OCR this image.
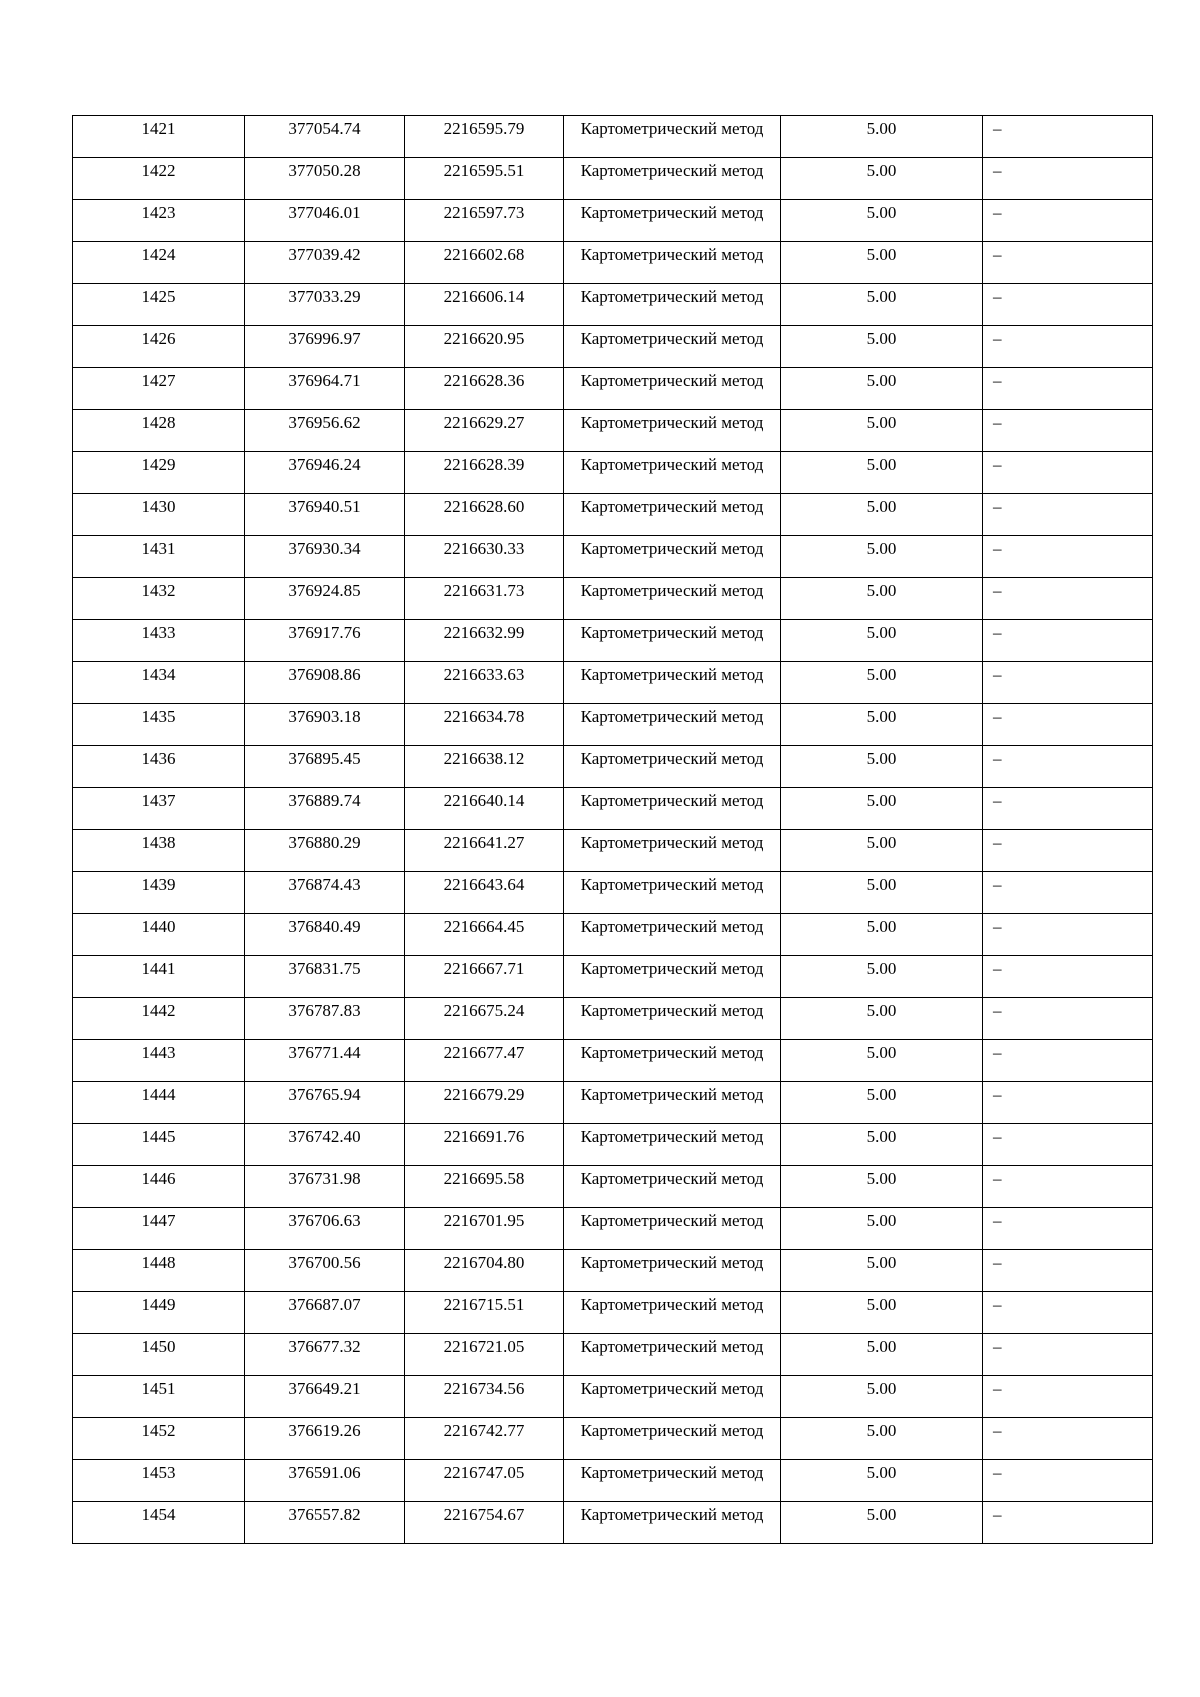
1421	377054.74	2216595.79	Картометрический метод	5.00	–
1422	377050.28	2216595.51	Картометрический метод	5.00	–
1423	377046.01	2216597.73	Картометрический метод	5.00	–
1424	377039.42	2216602.68	Картометрический метод	5.00	–
1425	377033.29	2216606.14	Картометрический метод	5.00	–
1426	376996.97	2216620.95	Картометрический метод	5.00	–
1427	376964.71	2216628.36	Картометрический метод	5.00	–
1428	376956.62	2216629.27	Картометрический метод	5.00	–
1429	376946.24	2216628.39	Картометрический метод	5.00	–
1430	376940.51	2216628.60	Картометрический метод	5.00	–
1431	376930.34	2216630.33	Картометрический метод	5.00	–
1432	376924.85	2216631.73	Картометрический метод	5.00	–
1433	376917.76	2216632.99	Картометрический метод	5.00	–
1434	376908.86	2216633.63	Картометрический метод	5.00	–
1435	376903.18	2216634.78	Картометрический метод	5.00	–
1436	376895.45	2216638.12	Картометрический метод	5.00	–
1437	376889.74	2216640.14	Картометрический метод	5.00	–
1438	376880.29	2216641.27	Картометрический метод	5.00	–
1439	376874.43	2216643.64	Картометрический метод	5.00	–
1440	376840.49	2216664.45	Картометрический метод	5.00	–
1441	376831.75	2216667.71	Картометрический метод	5.00	–
1442	376787.83	2216675.24	Картометрический метод	5.00	–
1443	376771.44	2216677.47	Картометрический метод	5.00	–
1444	376765.94	2216679.29	Картометрический метод	5.00	–
1445	376742.40	2216691.76	Картометрический метод	5.00	–
1446	376731.98	2216695.58	Картометрический метод	5.00	–
1447	376706.63	2216701.95	Картометрический метод	5.00	–
1448	376700.56	2216704.80	Картометрический метод	5.00	–
1449	376687.07	2216715.51	Картометрический метод	5.00	–
1450	376677.32	2216721.05	Картометрический метод	5.00	–
1451	376649.21	2216734.56	Картометрический метод	5.00	–
1452	376619.26	2216742.77	Картометрический метод	5.00	–
1453	376591.06	2216747.05	Картометрический метод	5.00	–
1454	376557.82	2216754.67	Картометрический метод	5.00	–
